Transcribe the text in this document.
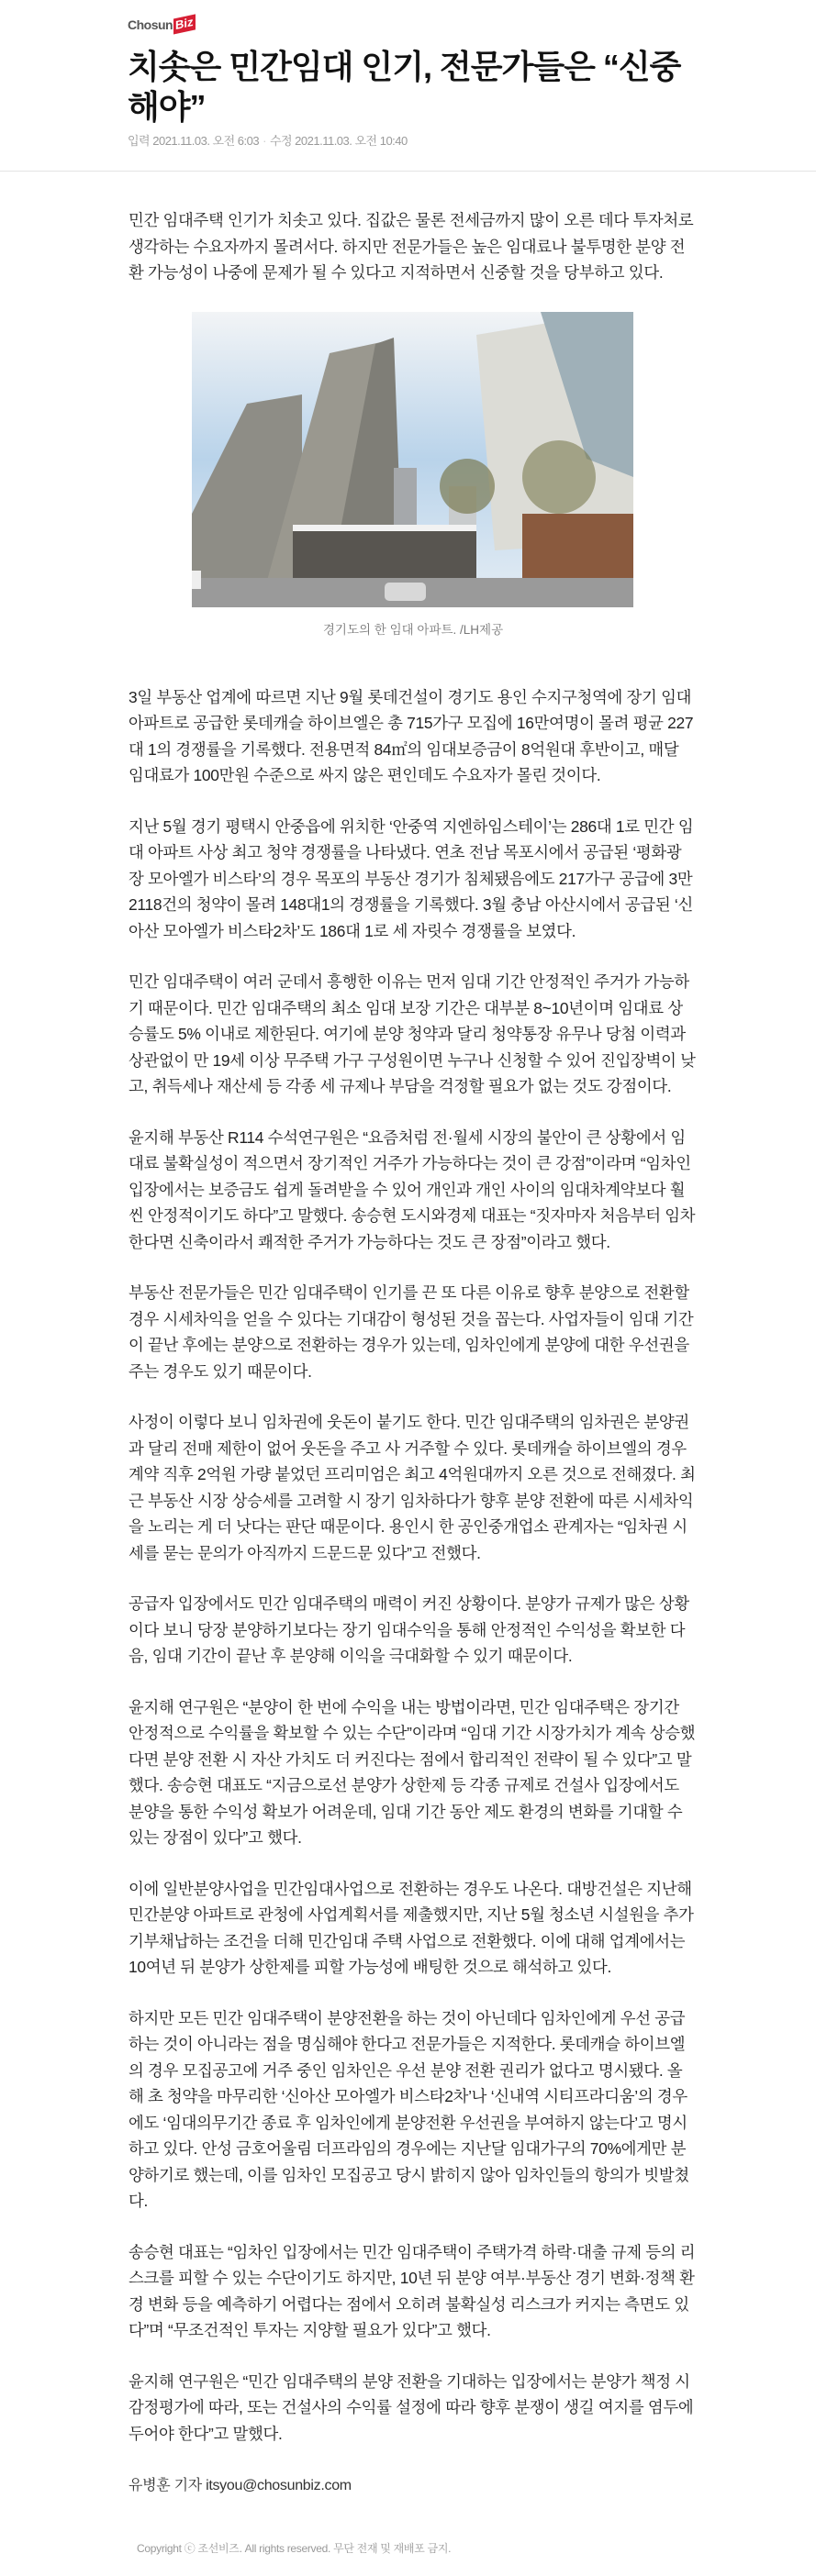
Chosun Biz
치솟은 민간임대 인기, 전문가들은 “신중해야”
입력 2021.11.03. 오전 6:03 · 수정 2021.11.03. 오전 10:40

민간 임대주택 인기가 치솟고 있다. 집값은 물론 전세금까지 많이 오른 데다 투자처로 생각하는 수요자까지 몰려서다. 하지만 전문가들은 높은 임대료나 불투명한 분양 전환 가능성이 나중에 문제가 될 수 있다고 지적하면서 신중할 것을 당부하고 있다.

경기도의 한 임대 아파트. /LH제공

3일 부동산 업계에 따르면 지난 9월 롯데건설이 경기도 용인 수지구청역에 장기 임대 아파트로 공급한 롯데캐슬 하이브엘은 총 715가구 모집에 16만여명이 몰려 평균 227대 1의 경쟁률을 기록했다. 전용면적 84㎡의 임대보증금이 8억원대 후반이고, 매달 임대료가 100만원 수준으로 싸지 않은 편인데도 수요자가 몰린 것이다.

지난 5월 경기 평택시 안중읍에 위치한 ‘안중역 지엔하임스테이’는 286대 1로 민간 임대 아파트 사상 최고 청약 경쟁률을 나타냈다. 연초 전남 목포시에서 공급된 ‘평화광장 모아엘가 비스타’의 경우 목포의 부동산 경기가 침체됐음에도 217가구 공급에 3만2118건의 청약이 몰려 148대1의 경쟁률을 기록했다. 3월 충남 아산시에서 공급된 ‘신아산 모아엘가 비스타2차’도 186대 1로 세 자릿수 경쟁률을 보였다.

민간 임대주택이 여러 군데서 흥행한 이유는 먼저 임대 기간 안정적인 주거가 가능하기 때문이다. 민간 임대주택의 최소 임대 보장 기간은 대부분 8~10년이며 임대료 상승률도 5% 이내로 제한된다. 여기에 분양 청약과 달리 청약통장 유무나 당첨 이력과 상관없이 만 19세 이상 무주택 가구 구성원이면 누구나 신청할 수 있어 진입장벽이 낮고, 취득세나 재산세 등 각종 세 규제나 부담을 걱정할 필요가 없는 것도 강점이다.

윤지해 부동산 R114 수석연구원은 “요즘처럼 전·월세 시장의 불안이 큰 상황에서 임대료 불확실성이 적으면서 장기적인 거주가 가능하다는 것이 큰 강점”이라며 “임차인 입장에서는 보증금도 쉽게 돌려받을 수 있어 개인과 개인 사이의 임대차계약보다 훨씬 안정적이기도 하다”고 말했다. 송승현 도시와경제 대표는 “짓자마자 처음부터 임차한다면 신축이라서 쾌적한 주거가 가능하다는 것도 큰 장점”이라고 했다.

부동산 전문가들은 민간 임대주택이 인기를 끈 또 다른 이유로 향후 분양으로 전환할 경우 시세차익을 얻을 수 있다는 기대감이 형성된 것을 꼽는다. 사업자들이 임대 기간이 끝난 후에는 분양으로 전환하는 경우가 있는데, 임차인에게 분양에 대한 우선권을 주는 경우도 있기 때문이다.

사정이 이렇다 보니 임차권에 웃돈이 붙기도 한다. 민간 임대주택의 임차권은 분양권과 달리 전매 제한이 없어 웃돈을 주고 사 거주할 수 있다. 롯데캐슬 하이브엘의 경우 계약 직후 2억원 가량 붙었던 프리미엄은 최고 4억원대까지 오른 것으로 전해졌다. 최근 부동산 시장 상승세를 고려할 시 장기 임차하다가 향후 분양 전환에 따른 시세차익을 노리는 게 더 낫다는 판단 때문이다. 용인시 한 공인중개업소 관계자는 “임차권 시세를 묻는 문의가 아직까지 드문드문 있다”고 전했다.

공급자 입장에서도 민간 임대주택의 매력이 커진 상황이다. 분양가 규제가 많은 상황이다 보니 당장 분양하기보다는 장기 임대수익을 통해 안정적인 수익성을 확보한 다음, 임대 기간이 끝난 후 분양해 이익을 극대화할 수 있기 때문이다.

윤지해 연구원은 “분양이 한 번에 수익을 내는 방법이라면, 민간 임대주택은 장기간 안정적으로 수익률을 확보할 수 있는 수단”이라며 “임대 기간 시장가치가 계속 상승했다면 분양 전환 시 자산 가치도 더 커진다는 점에서 합리적인 전략이 될 수 있다”고 말했다. 송승현 대표도 “지금으로선 분양가 상한제 등 각종 규제로 건설사 입장에서도 분양을 통한 수익성 확보가 어려운데, 임대 기간 동안 제도 환경의 변화를 기대할 수 있는 장점이 있다”고 했다.

이에 일반분양사업을 민간임대사업으로 전환하는 경우도 나온다. 대방건설은 지난해 민간분양 아파트로 관청에 사업계획서를 제출했지만, 지난 5월 청소년 시설원을 추가 기부채납하는 조건을 더해 민간임대 주택 사업으로 전환했다. 이에 대해 업계에서는 10여년 뒤 분양가 상한제를 피할 가능성에 배팅한 것으로 해석하고 있다.

하지만 모든 민간 임대주택이 분양전환을 하는 것이 아닌데다 임차인에게 우선 공급하는 것이 아니라는 점을 명심해야 한다고 전문가들은 지적한다. 롯데캐슬 하이브엘의 경우 모집공고에 거주 중인 임차인은 우선 분양 전환 권리가 없다고 명시됐다. 올해 초 청약을 마무리한 ‘신아산 모아엘가 비스타2차’나 ‘신내역 시티프라디움’의 경우에도 ‘임대의무기간 종료 후 임차인에게 분양전환 우선권을 부여하지 않는다’고 명시하고 있다. 안성 금호어울림 더프라임의 경우에는 지난달 임대가구의 70%에게만 분양하기로 했는데, 이를 임차인 모집공고 당시 밝히지 않아 임차인들의 항의가 빗발쳤다.

송승현 대표는 “임차인 입장에서는 민간 임대주택이 주택가격 하락·대출 규제 등의 리스크를 피할 수 있는 수단이기도 하지만, 10년 뒤 분양 여부·부동산 경기 변화·정책 환경 변화 등을 예측하기 어렵다는 점에서 오히려 불확실성 리스크가 커지는 측면도 있다”며 “무조건적인 투자는 지양할 필요가 있다”고 했다.

윤지해 연구원은 “민간 임대주택의 분양 전환을 기대하는 입장에서는 분양가 책정 시 감정평가에 따라, 또는 건설사의 수익률 설정에 따라 향후 분쟁이 생길 여지를 염두에 두어야 한다”고 말했다.

유병훈 기자 itsyou@chosunbiz.com
Copyright ⓒ 조선비즈. All rights reserved. 무단 전재 및 재배포 금지.
